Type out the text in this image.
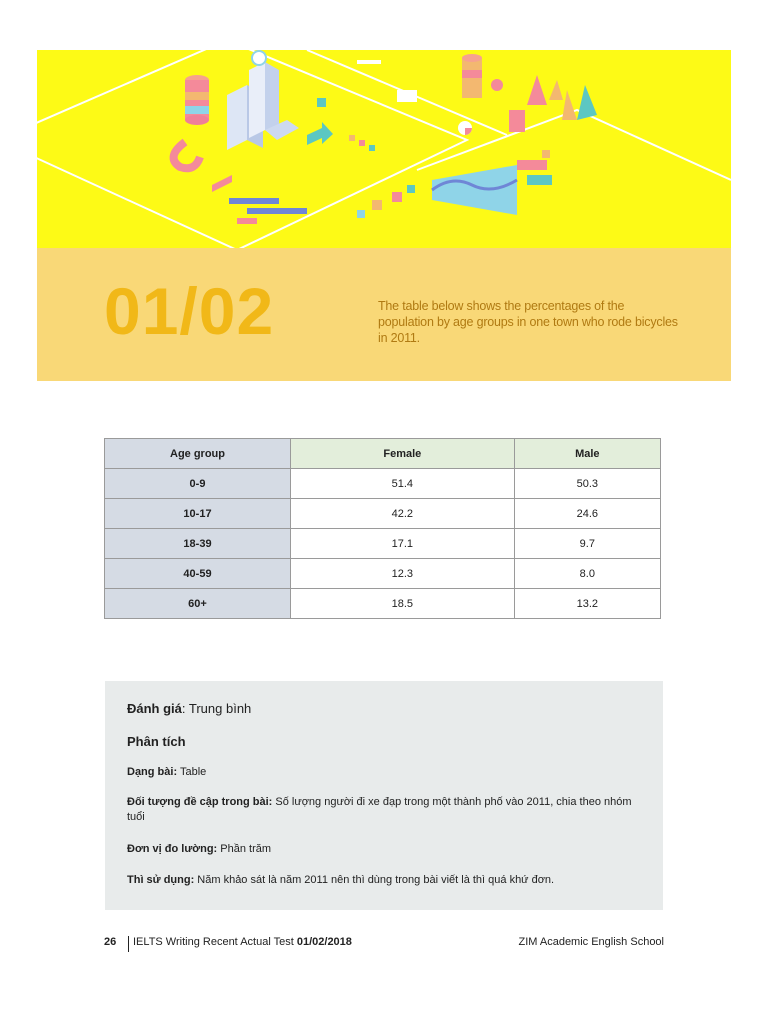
01/02	The table below shows the percentages of the population by age groups in one town who rode bicycles in 2011.
Age group	Female	Male
0-9	51.4	50.3
10-17	42.2	24.6
18-39	17.1	9.7
40-59	12.3	8.0
60+	18.5	13.2
Đánh giá: Trung bình
Phân tích
Dạng bài: Table
Đối tượng đề cập trong bài: Số lượng người đi xe đạp trong một thành phố vào 2011, chia theo nhóm tuổi
Đơn vị đo lường: Phần trăm
Thì sử dụng: Năm khảo sát là năm 2011 nên thì dùng trong bài viết là thì quá khứ đơn.
26 IELTS Writing Recent Actual Test 01/02/2018	ZIM Academic English School
